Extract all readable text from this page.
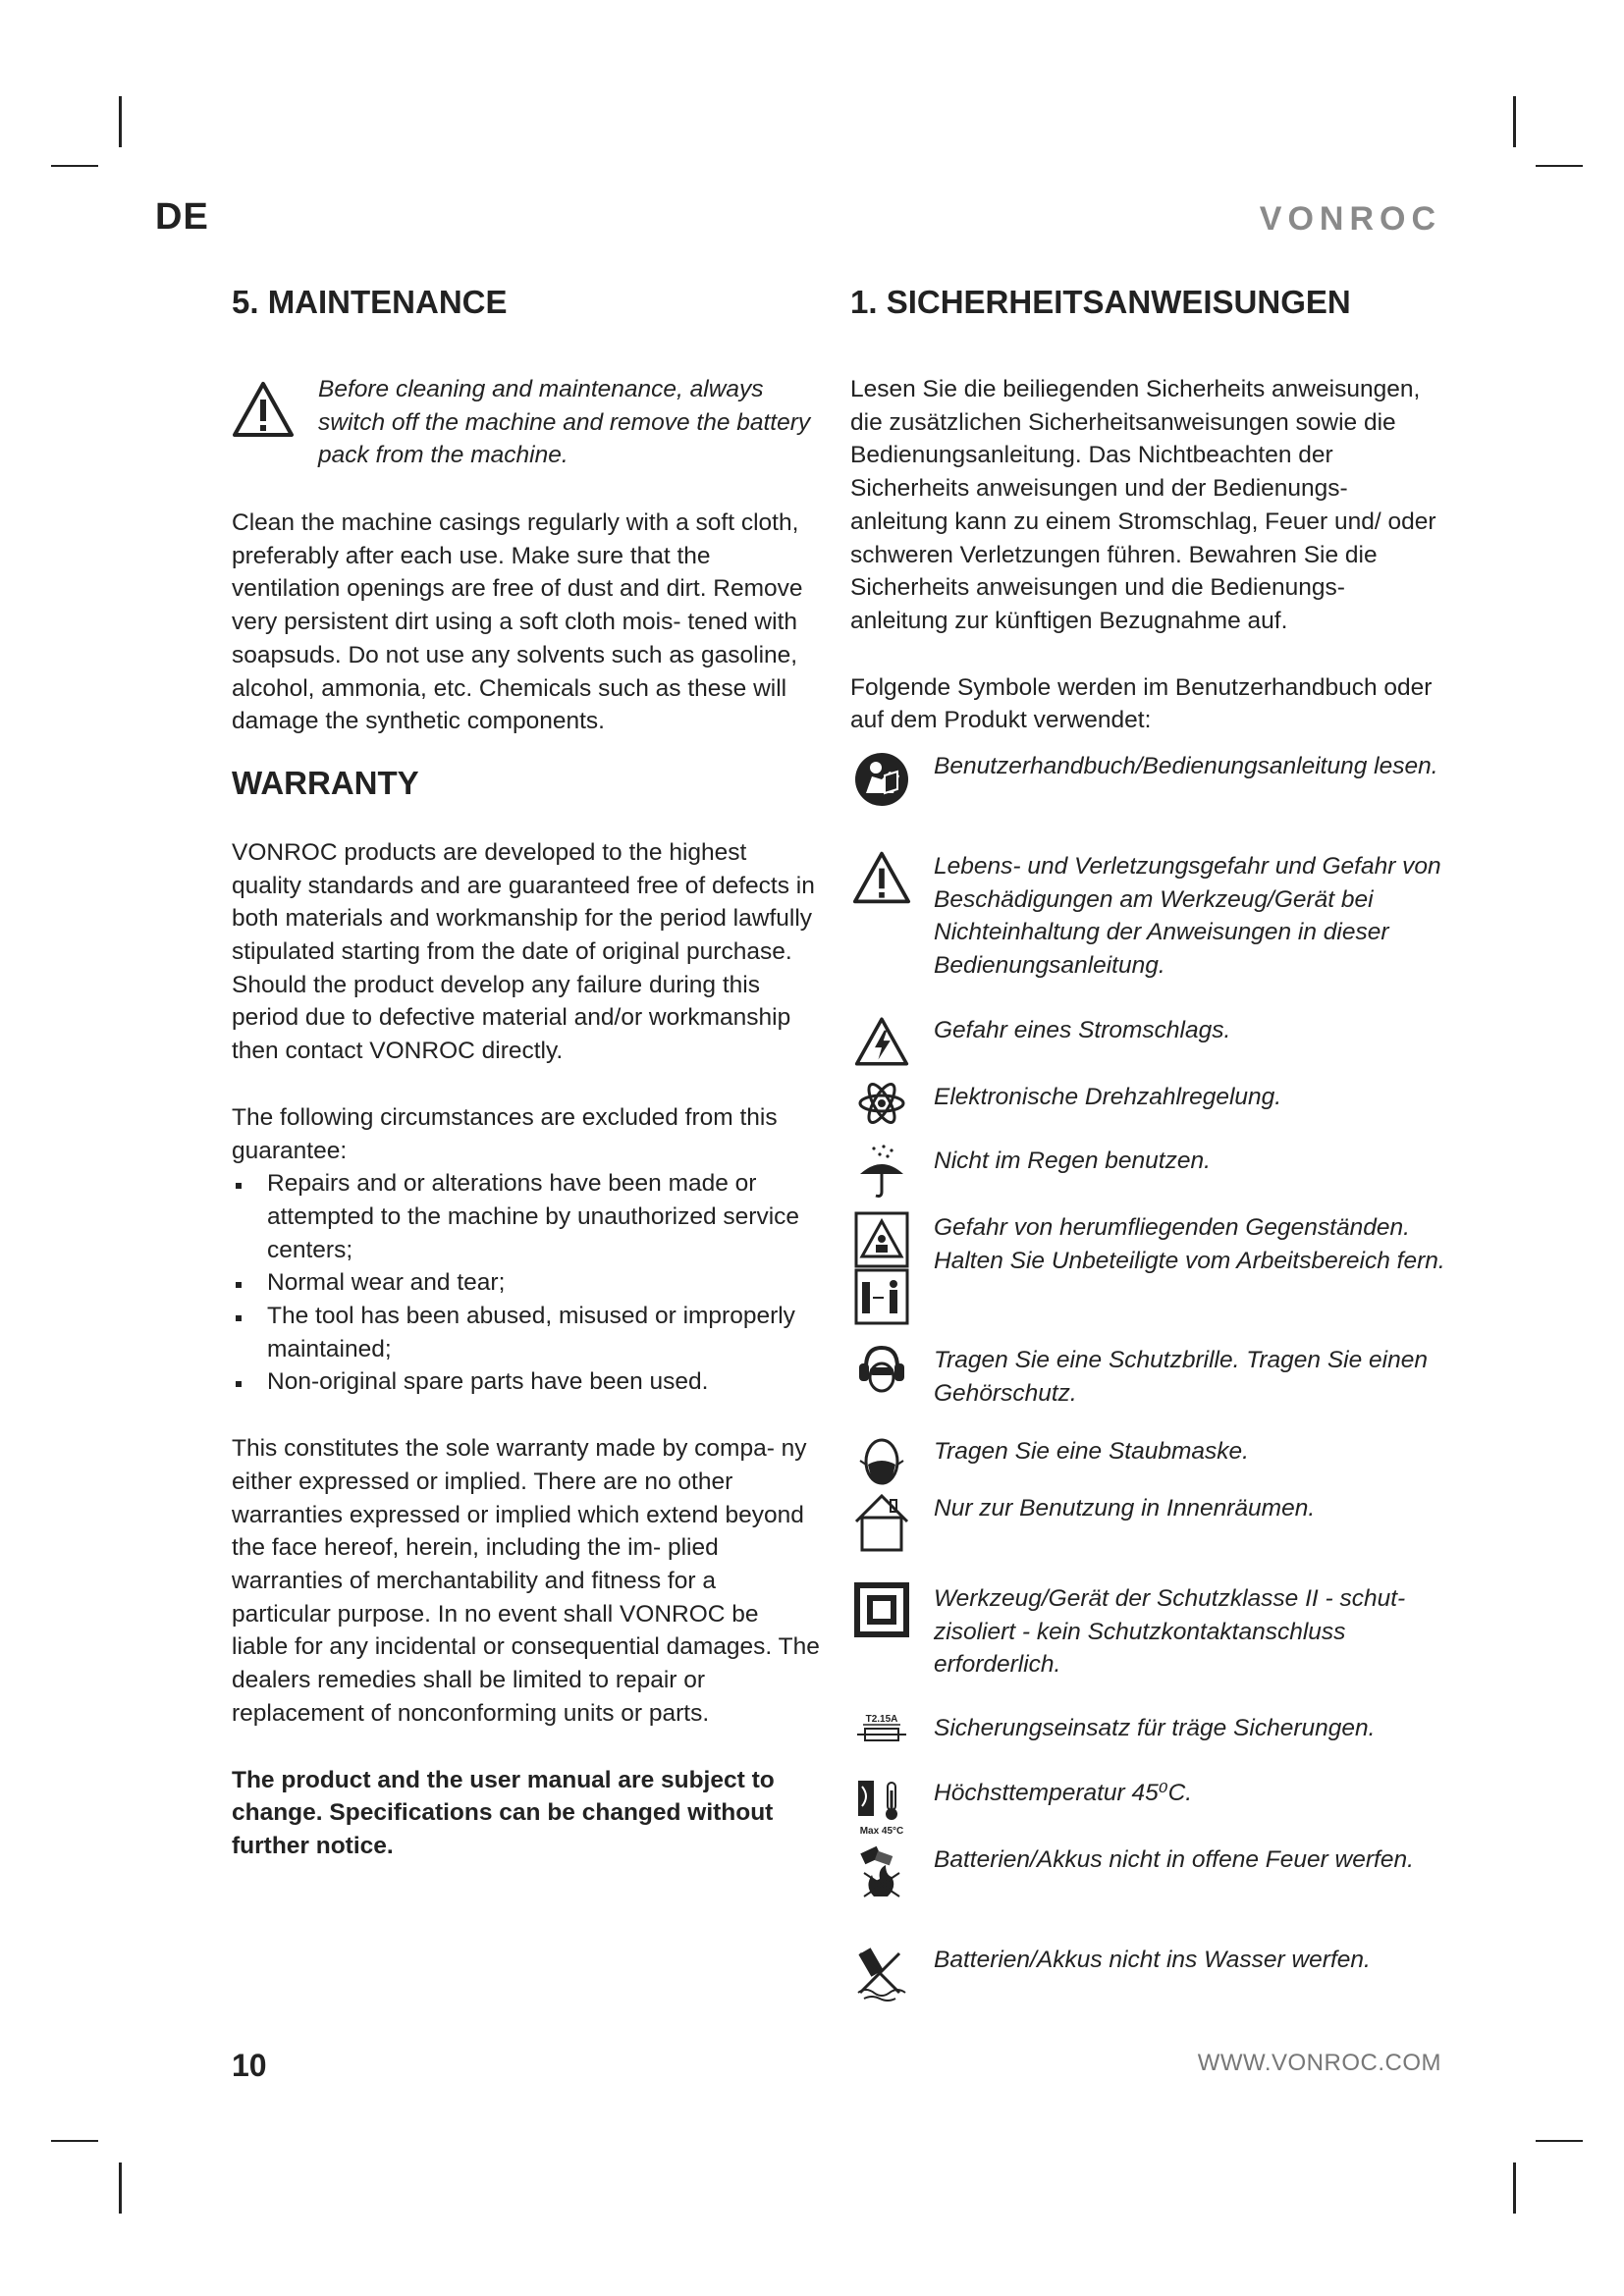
DE	VONROC
5. MAINTENANCE

Before cleaning and maintenance, always switch off the machine and remove the battery pack from the machine.

Clean the machine casings regularly with a soft cloth, preferably after each use. Make sure that the ventilation openings are free of dust and dirt. Remove very persistent dirt using a soft cloth mois- tened with soapsuds. Do not use any solvents such as gasoline, alcohol, ammonia, etc. Chemicals such as these will damage the synthetic components.

WARRANTY

VONROC products are developed to the highest quality standards and are guaranteed free of defects in both materials and workmanship for the period lawfully stipulated starting from the date of original purchase. Should the product develop any failure during this period due to defective material and/or workmanship then contact VONROC directly.

The following circumstances are excluded from this guarantee:

Repairs and or alterations have been made or attempted to the machine by unauthorized service centers;
Normal wear and tear;
The tool has been abused, misused or improperly maintained;
Non-original spare parts have been used.

This constitutes the sole warranty made by compa- ny either expressed or implied. There are no other warranties expressed or implied which extend beyond the face hereof, herein, including the im- plied warranties of merchantability and fitness for a particular purpose. In no event shall VONROC be liable for any incidental or consequential damages. The dealers remedies shall be limited to repair or replacement of nonconforming units or parts.

The product and the user manual are subject to change. Specifications can be changed without further notice.

1. SICHERHEITSANWEISUNGEN

Lesen Sie die beiliegenden Sicherheits anweisungen, die zusätzlichen Sicherheitsanweisungen sowie die Bedienungsanleitung. Das Nichtbeachten der Sicherheits anweisungen und der Bedienungs- anleitung kann zu einem Stromschlag, Feuer und/ oder schweren Verletzungen führen. Bewahren Sie die Sicherheits anweisungen und die Bedienungs- anleitung zur künftigen Bezugnahme auf.

Folgende Symbole werden im Benutzerhandbuch oder auf dem Produkt verwendet:

Benutzerhandbuch/Bedienungsanleitung lesen.

Lebens- und Verletzungsgefahr und Gefahr von Beschädigungen am Werkzeug/Gerät bei Nichteinhaltung der Anweisungen in dieser Bedienungsanleitung.

Gefahr eines Stromschlags.

Elektronische Drehzahlregelung.

Nicht im Regen benutzen.

Gefahr von herumfliegenden Gegenständen. Halten Sie Unbeteiligte vom Arbeitsbereich fern.

Tragen Sie eine Schutzbrille. Tragen Sie einen Gehörschutz.

Tragen Sie eine Staubmaske.

Nur zur Benutzung in Innenräumen.

Werkzeug/Gerät der Schutzklasse II - schut- zisoliert - kein Schutzkontaktanschluss erforderlich.

T2.15A Sicherungseinsatz für träge Sicherungen.

Max 45°C

Höchsttemperatur 45⁰C.

Batterien/Akkus nicht in offene Feuer werfen.

Batterien/Akkus nicht ins Wasser werfen.

10	WWW.VONROC.COM
